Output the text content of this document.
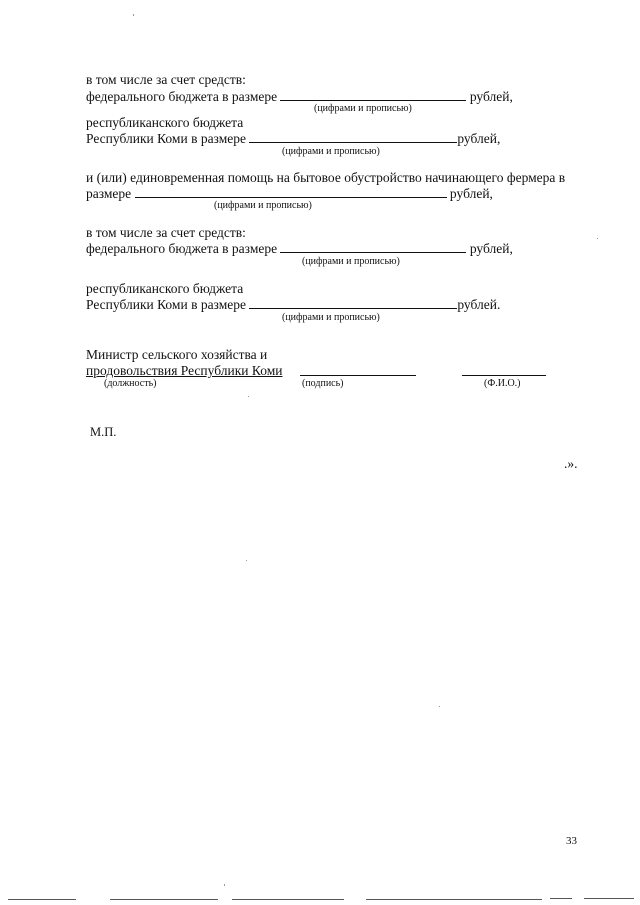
в том числе за счет средств:
федерального бюджета в размере	рублей,
(цифрами и прописью)
республиканского бюджета
Республики Коми в размере	рублей,
(цифрами и прописью)
и (или) единовременная помощь на бытовое обустройство начинающего фермера в
размере	рублей,
(цифрами и прописью)
в том числе за счет средств:
федерального бюджета в размере	рублей,
(цифрами и прописью)
республиканского бюджета
Республики Коми в размере	рублей.
(цифрами и прописью)
Министр сельского хозяйства и
продовольствия Республики Коми
(должность)	(подпись)	(Ф.И.О.)
М.П.
.».
33
